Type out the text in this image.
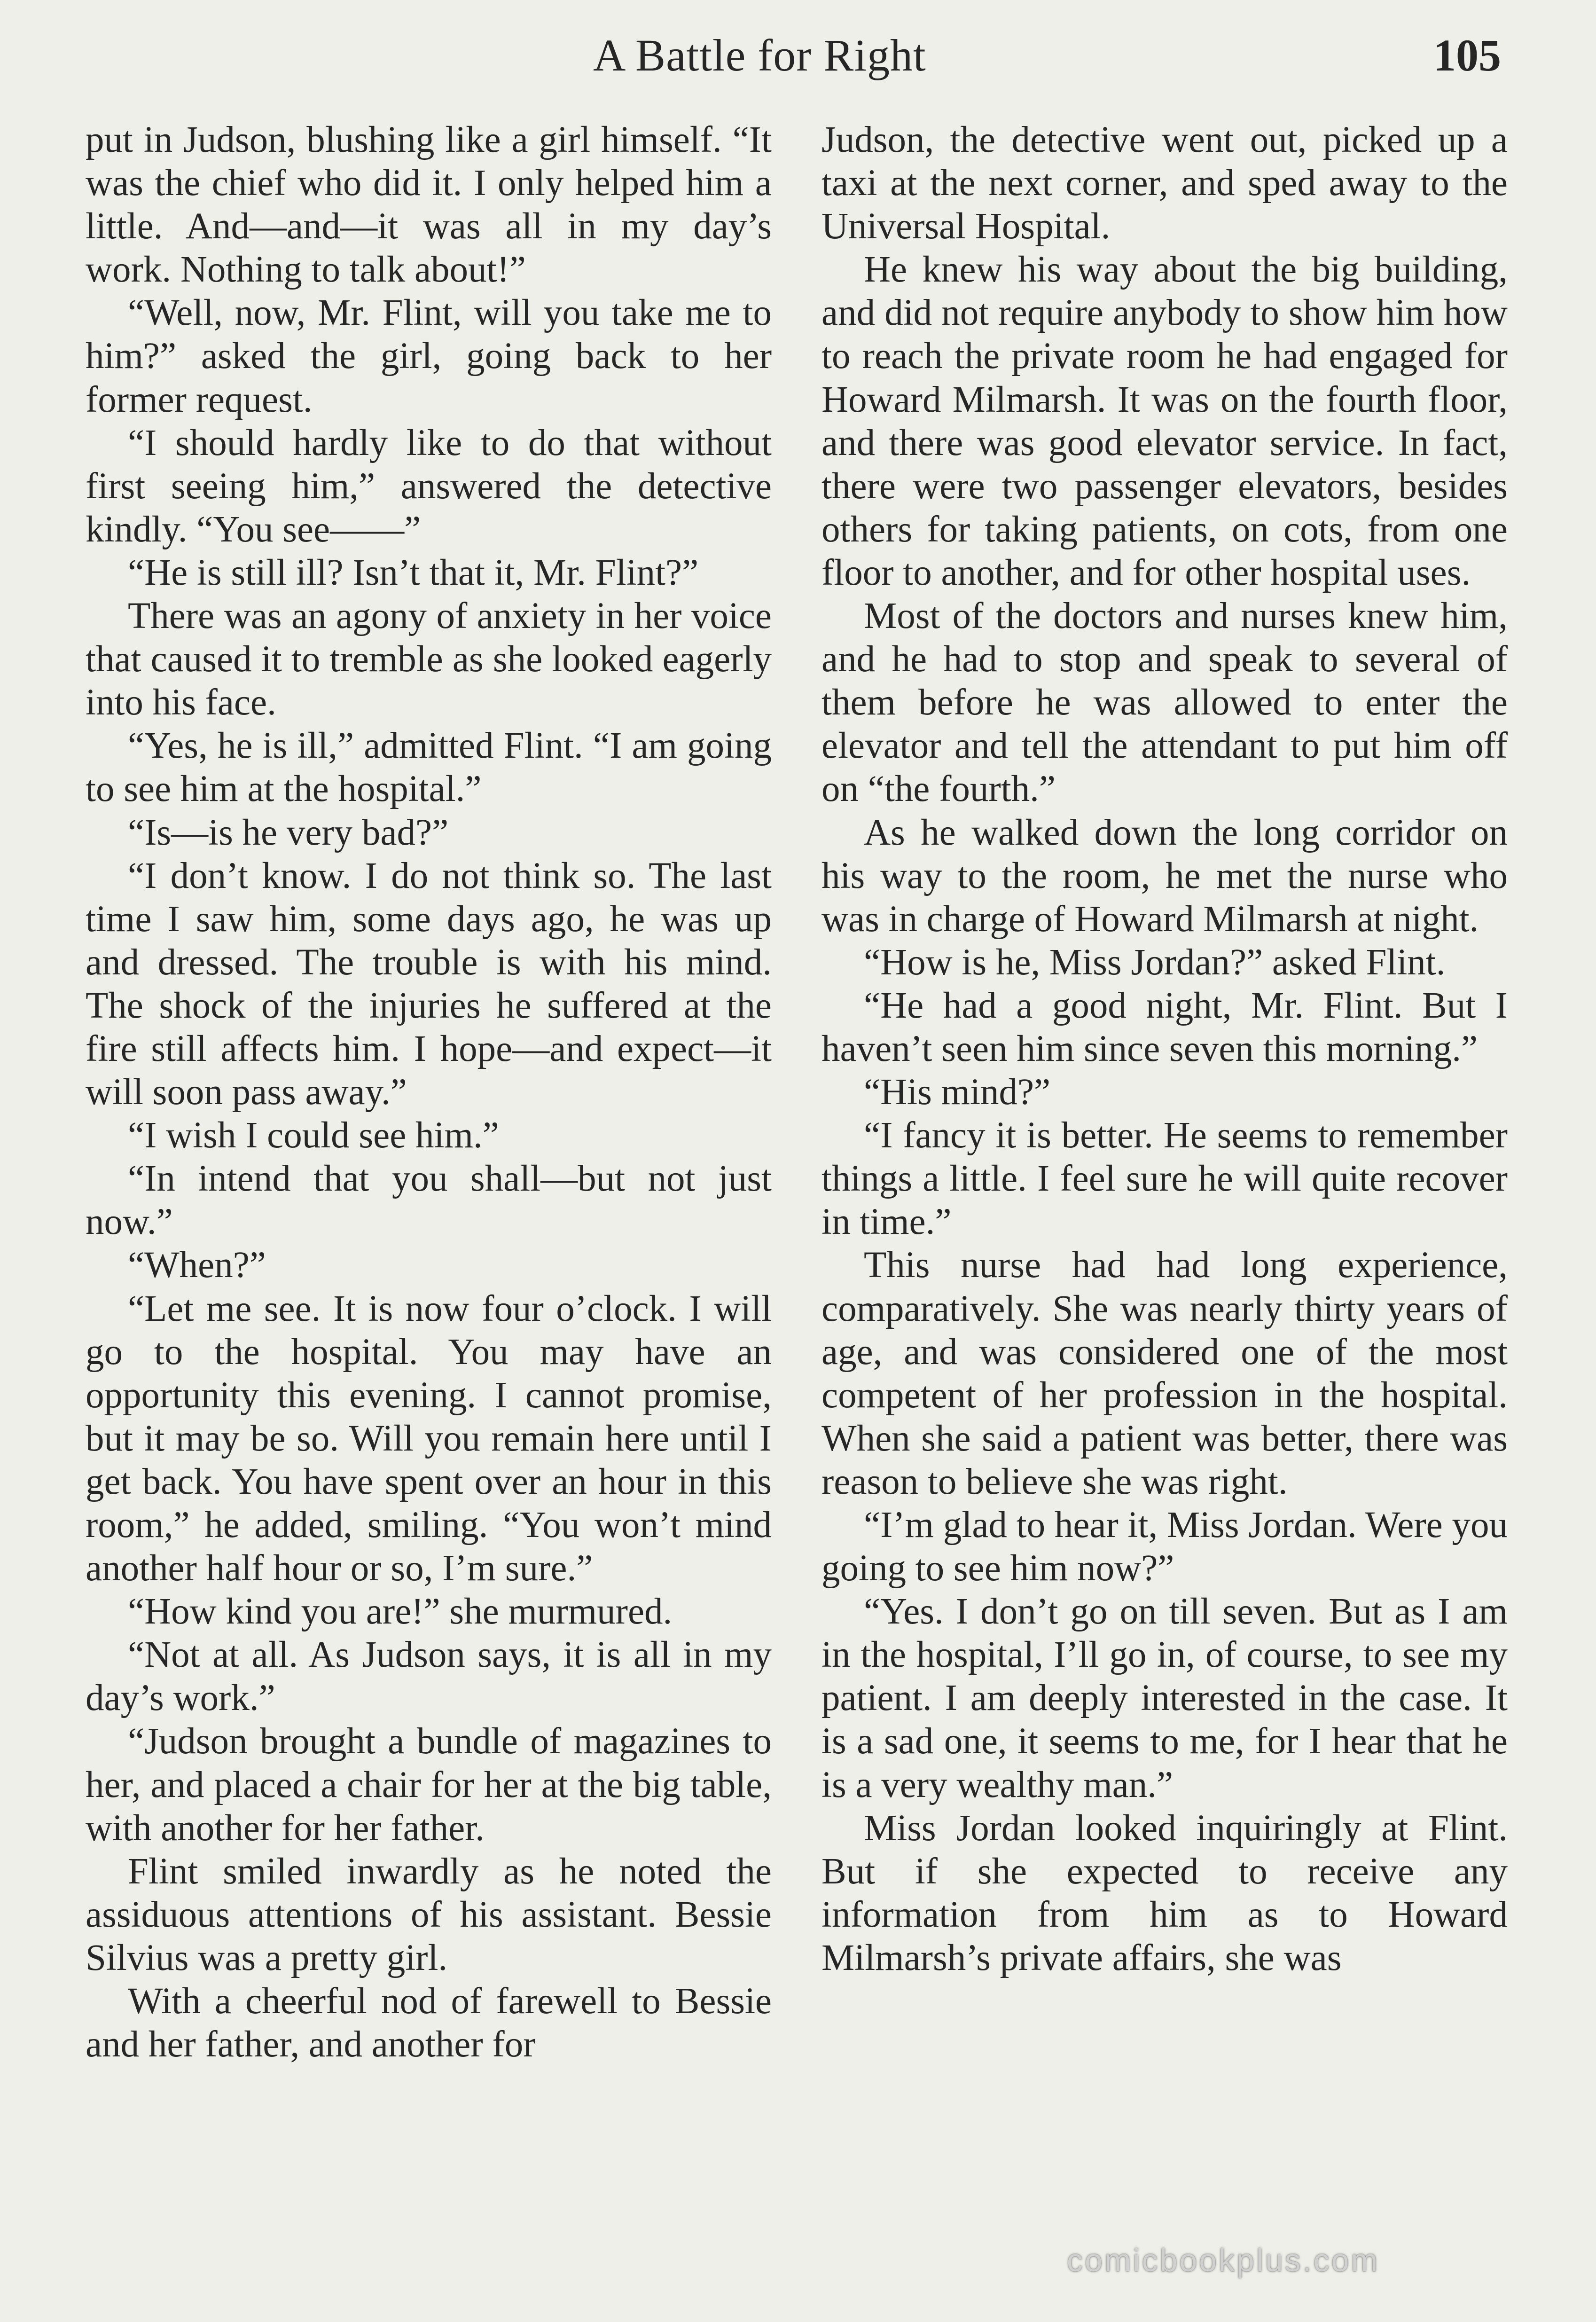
A Battle for Right	105

put in Judson, blushing like a girl himself. “It was the chief who did it. I only helped him a little. And—and—it was all in my day’s work. Nothing to talk about!”

“Well, now, Mr. Flint, will you take me to him?” asked the girl, going back to her former request.

“I should hardly like to do that without first seeing him,” answered the detective kindly. “You see——”

“He is still ill? Isn’t that it, Mr. Flint?”

There was an agony of anxiety in her voice that caused it to tremble as she looked eagerly into his face.

“Yes, he is ill,” admitted Flint. “I am going to see him at the hospital.”

“Is—is he very bad?”

“I don’t know. I do not think so. The last time I saw him, some days ago, he was up and dressed. The trouble is with his mind. The shock of the injuries he suffered at the fire still affects him. I hope—and expect—it will soon pass away.”

“I wish I could see him.”

“In intend that you shall—but not just now.”

“When?”

“Let me see. It is now four o’clock. I will go to the hospital. You may have an opportunity this evening. I cannot promise, but it may be so. Will you remain here until I get back. You have spent over an hour in this room,” he added, smiling. “You won’t mind another half hour or so, I’m sure.”

“How kind you are!” she murmured.

“Not at all. As Judson says, it is all in my day’s work.”

“Judson brought a bundle of magazines to her, and placed a chair for her at the big table, with another for her father.

Flint smiled inwardly as he noted the assiduous attentions of his assistant. Bessie Silvius was a pretty girl.

With a cheerful nod of farewell to Bessie and her father, and another for

Judson, the detective went out, picked up a taxi at the next corner, and sped away to the Universal Hospital.

He knew his way about the big building, and did not require anybody to show him how to reach the private room he had engaged for Howard Milmarsh. It was on the fourth floor, and there was good elevator service. In fact, there were two passenger elevators, besides others for taking patients, on cots, from one floor to another, and for other hospital uses.

Most of the doctors and nurses knew him, and he had to stop and speak to several of them before he was allowed to enter the elevator and tell the attendant to put him off on “the fourth.”

As he walked down the long corridor on his way to the room, he met the nurse who was in charge of Howard Milmarsh at night.

“How is he, Miss Jordan?” asked Flint.

“He had a good night, Mr. Flint. But I haven’t seen him since seven this morning.”

“His mind?”

“I fancy it is better. He seems to remember things a little. I feel sure he will quite recover in time.”

This nurse had had long experience, comparatively. She was nearly thirty years of age, and was considered one of the most competent of her profession in the hospital. When she said a patient was better, there was reason to believe she was right.

“I’m glad to hear it, Miss Jordan. Were you going to see him now?”

“Yes. I don’t go on till seven. But as I am in the hospital, I’ll go in, of course, to see my patient. I am deeply interested in the case. It is a sad one, it seems to me, for I hear that he is a very wealthy man.”

Miss Jordan looked inquiringly at Flint. But if she expected to receive any information from him as to Howard Milmarsh’s private affairs, she was

comicbookplus.com
